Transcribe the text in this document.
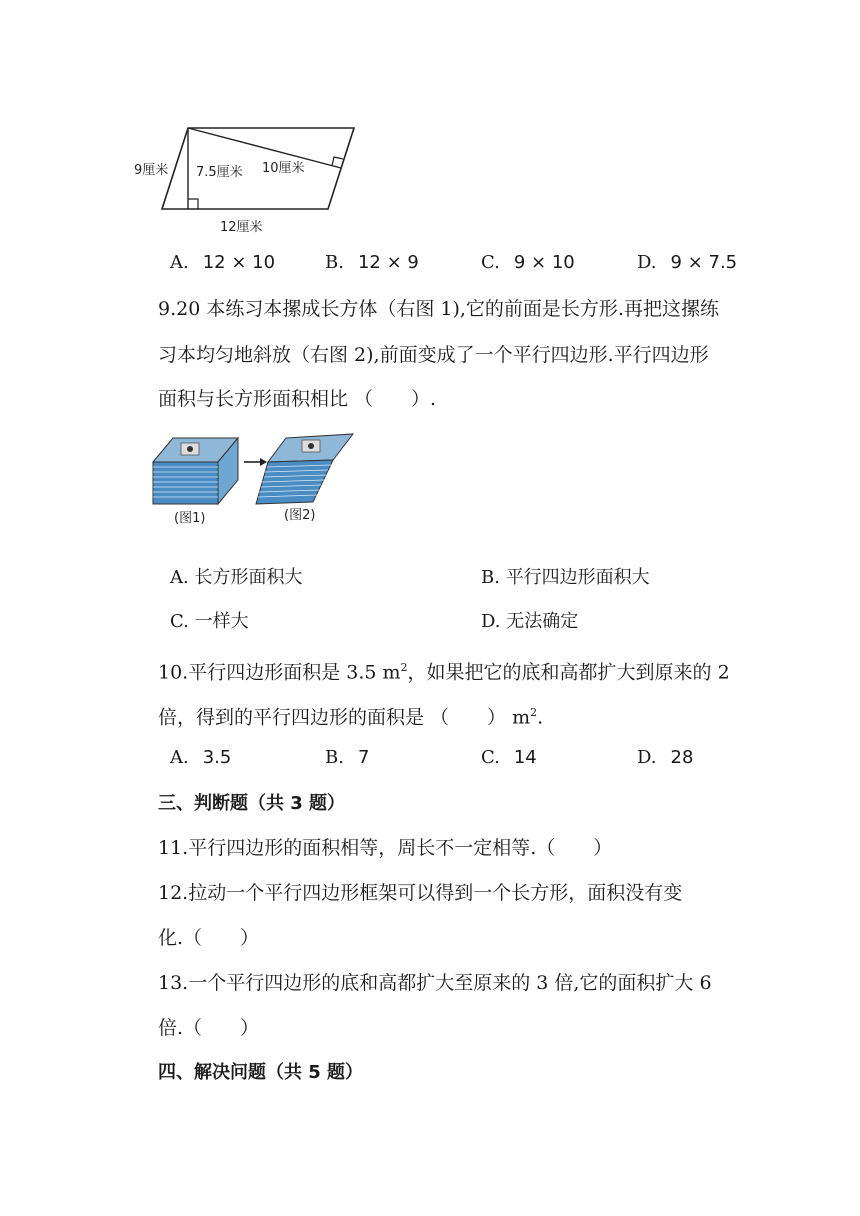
9厘米 7.5厘米 10厘米
12厘米
A. 12 × 10	B. 12 × 9	C. 9 × 10	D. 9 × 7.5
9.20 本练习本摞成长方体（右图 1),它的前面是长方形.再把这摞练
习本均匀地斜放（右图 2),前面变成了一个平行四边形.平行四边形
面积与长方形面积相比 （　　）.
(图1)	(图2)
A. 长方形面积大	B. 平行四边形面积大
C. 一样大	D. 无法确定
10.平行四边形面积是 3.5 $m^2$，如果把它的底和高都扩大到原来的 2
倍，得到的平行四边形的面积是 （　　） $m^2$.
A. 3.5	B. 7	C. 14	D. 28
三、判断题（共 3 题）
11.平行四边形的面积相等，周长不一定相等.（　　）
12.拉动一个平行四边形框架可以得到一个长方形，面积没有变
化.（　　）
13.一个平行四边形的底和高都扩大至原来的 3 倍,它的面积扩大 6
倍.（　　）
四、解决问题（共 5 题）
